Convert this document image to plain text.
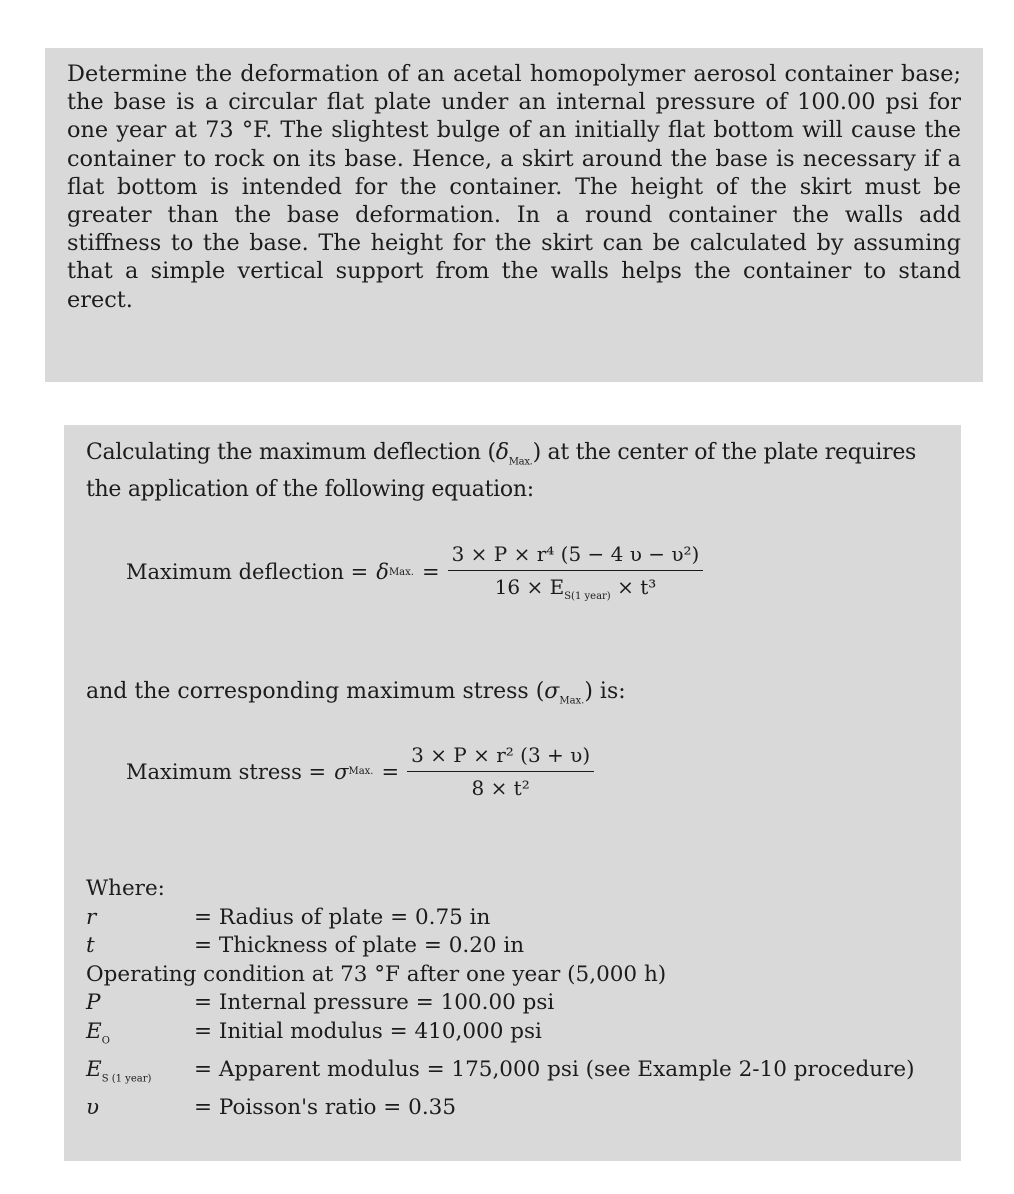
Determine the deformation of an acetal homopolymer aerosol container base; the base is a circular flat plate under an internal pressure of 100.00 psi for one year at 73 °F. The slightest bulge of an initially flat bottom will cause the container to rock on its base. Hence, a skirt around the base is necessary if a flat bottom is intended for the container. The height of the skirt must be greater than the base deformation. In a round container the walls add stiffness to the base. The height for the skirt can be calculated by assuming that a simple vertical support from the walls helps the container to stand erect.

Calculating the maximum deflection $(\delta_{Max.})$ at the center of the plate requires the application of the following equation:

Maximum deflection = δ Max. = $\frac{\text{3 × P × r⁴ (5 − 4 υ − υ²)}}{16 \times E_{S(1 year)} \times t^3}$

and the corresponding maximum stress $(\sigma_{Max.})$ is:

Maximum stress = σ Max. = $\frac{\text{3 × P × r² (3 + υ)}}{\text{8 × t²}}$
Where:
r	= Radius of plate = 0.75 in
t	= Thickness of plate = 0.20 in
Operating condition at 73 °F after one year (5,000 h)
P	= Internal pressure = 100.00 psi
$E_O$	= Initial modulus = 410,000 psi
$E_{S (1 year)}$	= Apparent modulus = 175,000 psi (see Example 2-10 procedure)
υ	= Poisson's ratio = 0.35
